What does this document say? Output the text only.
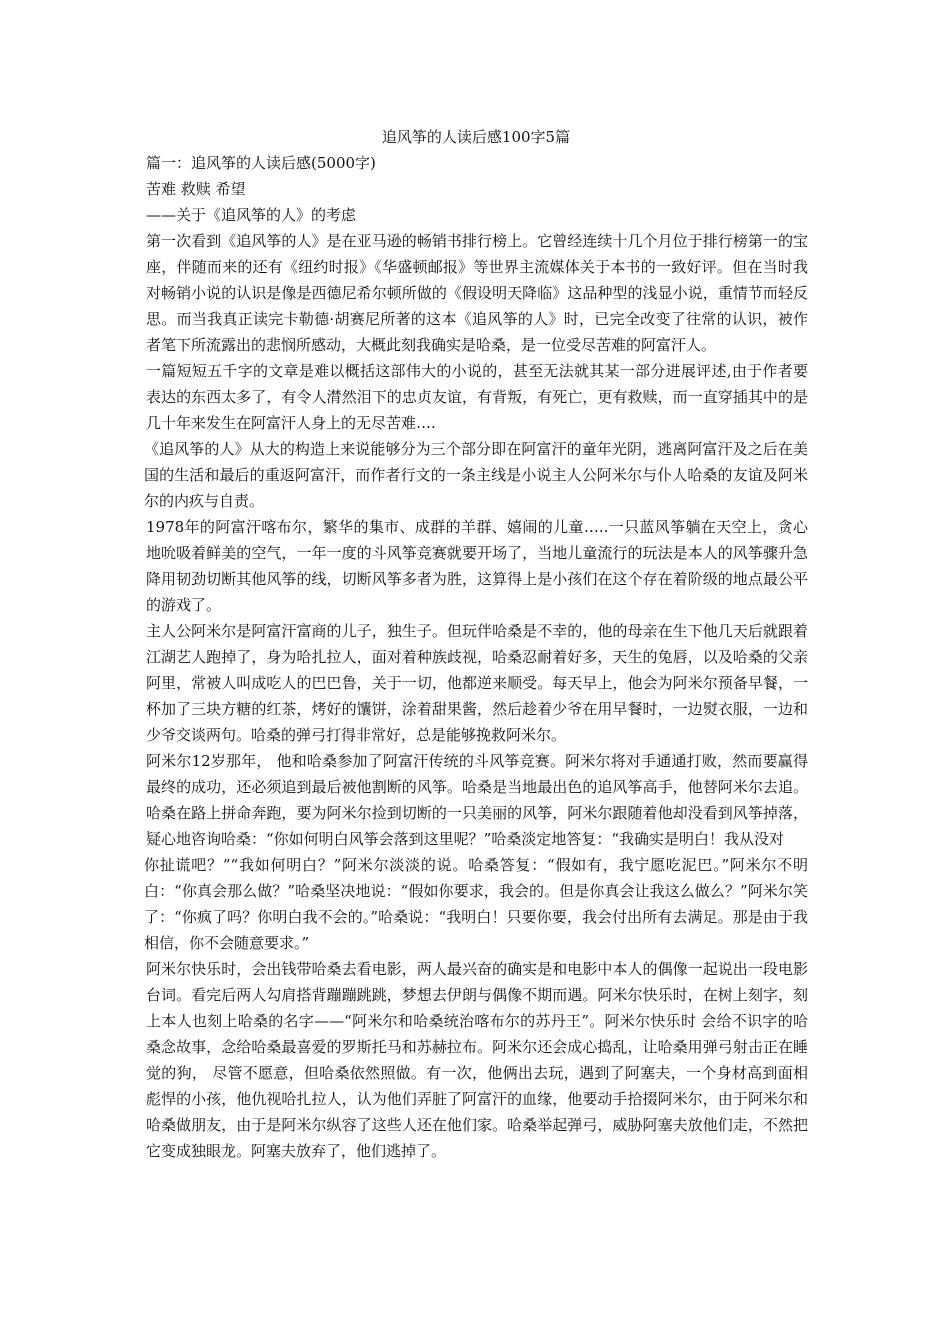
追风筝的人读后感100字5篇

篇一：追风筝的人读后感(5000字)

苦难 救赎 希望

——关于《追风筝的人》的考虑

第一次看到《追风筝的人》是在亚马逊的畅销书排行榜上。它曾经连续十几个月位于排行榜第一的宝座，伴随而来的还有《纽约时报》《华盛顿邮报》等世界主流媒体关于本书的一致好评。但在当时我对畅销小说的认识是像是西德尼希尔顿所做的《假设明天降临》这品种型的浅显小说，重情节而轻反思。而当我真正读完卡勒德·胡赛尼所著的这本《追风筝的人》时，已完全改变了往常的认识，被作者笔下所流露出的悲悯所感动，大概此刻我确实是哈桑，是一位受尽苦难的阿富汗人。

一篇短短五千字的文章是难以概括这部伟大的小说的，甚至无法就其某一部分进展评述,由于作者要表达的东西太多了，有令人潸然泪下的忠贞友谊，有背叛，有死亡，更有救赎，而一直穿插其中的是几十年来发生在阿富汗人身上的无尽苦难….

《追风筝的人》从大的构造上来说能够分为三个部分即在阿富汗的童年光阴，逃离阿富汗及之后在美国的生活和最后的重返阿富汗，而作者行文的一条主线是小说主人公阿米尔与仆人哈桑的友谊及阿米尔的内疚与自责。

1978年的阿富汗喀布尔，繁华的集市、成群的羊群、嬉闹的儿童…..一只蓝风筝躺在天空上，贪心地吮吸着鲜美的空气，一年一度的斗风筝竞赛就要开场了，当地儿童流行的玩法是本人的风筝骤升急降用韧劲切断其他风筝的线，切断风筝多者为胜，这算得上是小孩们在这个存在着阶级的地点最公平的游戏了。

主人公阿米尔是阿富汗富商的儿子，独生子。但玩伴哈桑是不幸的，他的母亲在生下他几天后就跟着江湖艺人跑掉了，身为哈扎拉人，面对着种族歧视，哈桑忍耐着好多，天生的兔唇，以及哈桑的父亲阿里，常被人叫成吃人的巴巴鲁，关于一切，他都逆来顺受。每天早上，他会为阿米尔预备早餐，一杯加了三块方糖的红茶，烤好的馕饼，涂着甜果酱，然后趁着少爷在用早餐时，一边熨衣服，一边和少爷交谈两句。哈桑的弹弓打得非常好，总是能够挽救阿米尔。

阿米尔12岁那年， 他和哈桑参加了阿富汗传统的斗风筝竞赛。阿米尔将对手通通打败，然而要赢得最终的成功，还必须追到最后被他割断的风筝。哈桑是当地最出色的追风筝高手，他替阿米尔去追。哈桑在路上拼命奔跑，要为阿米尔捡到切断的一只美丽的风筝，阿米尔跟随着他却没看到风筝掉落，疑心地咨询哈桑：“你如何明白风筝会落到这里呢？”哈桑淡定地答复：“我确实是明白！我从没对

你扯谎吧？”“我如何明白？”阿米尔淡淡的说。哈桑答复：“假如有，我宁愿吃泥巴。”阿米尔不明白：“你真会那么做？”哈桑坚决地说：“假如你要求，我会的。但是你真会让我这么做么？”阿米尔笑了：“你疯了吗？你明白我不会的。”哈桑说：“我明白！只要你要，我会付出所有去满足。那是由于我相信，你不会随意要求。”

阿米尔快乐时，会出钱带哈桑去看电影，两人最兴奋的确实是和电影中本人的偶像一起说出一段电影台词。看完后两人勾肩搭背蹦蹦跳跳，梦想去伊朗与偶像不期而遇。阿米尔快乐时，在树上刻字，刻上本人也刻上哈桑的名字——“阿米尔和哈桑统治喀布尔的苏丹王”。阿米尔快乐时 会给不识字的哈桑念故事，念给哈桑最喜爱的罗斯托马和苏赫拉布。阿米尔还会成心捣乱，让哈桑用弹弓射击正在睡觉的狗， 尽管不愿意，但哈桑依然照做。有一次，他俩出去玩，遇到了阿塞夫，一个身材高到面相彪悍的小孩，他仇视哈扎拉人，认为他们弄脏了阿富汗的血缘，他要动手拾掇阿米尔，由于阿米尔和哈桑做朋友，由于是阿米尔纵容了这些人还在他们家。哈桑举起弹弓，威胁阿塞夫放他们走，不然把它变成独眼龙。阿塞夫放弃了，他们逃掉了。
